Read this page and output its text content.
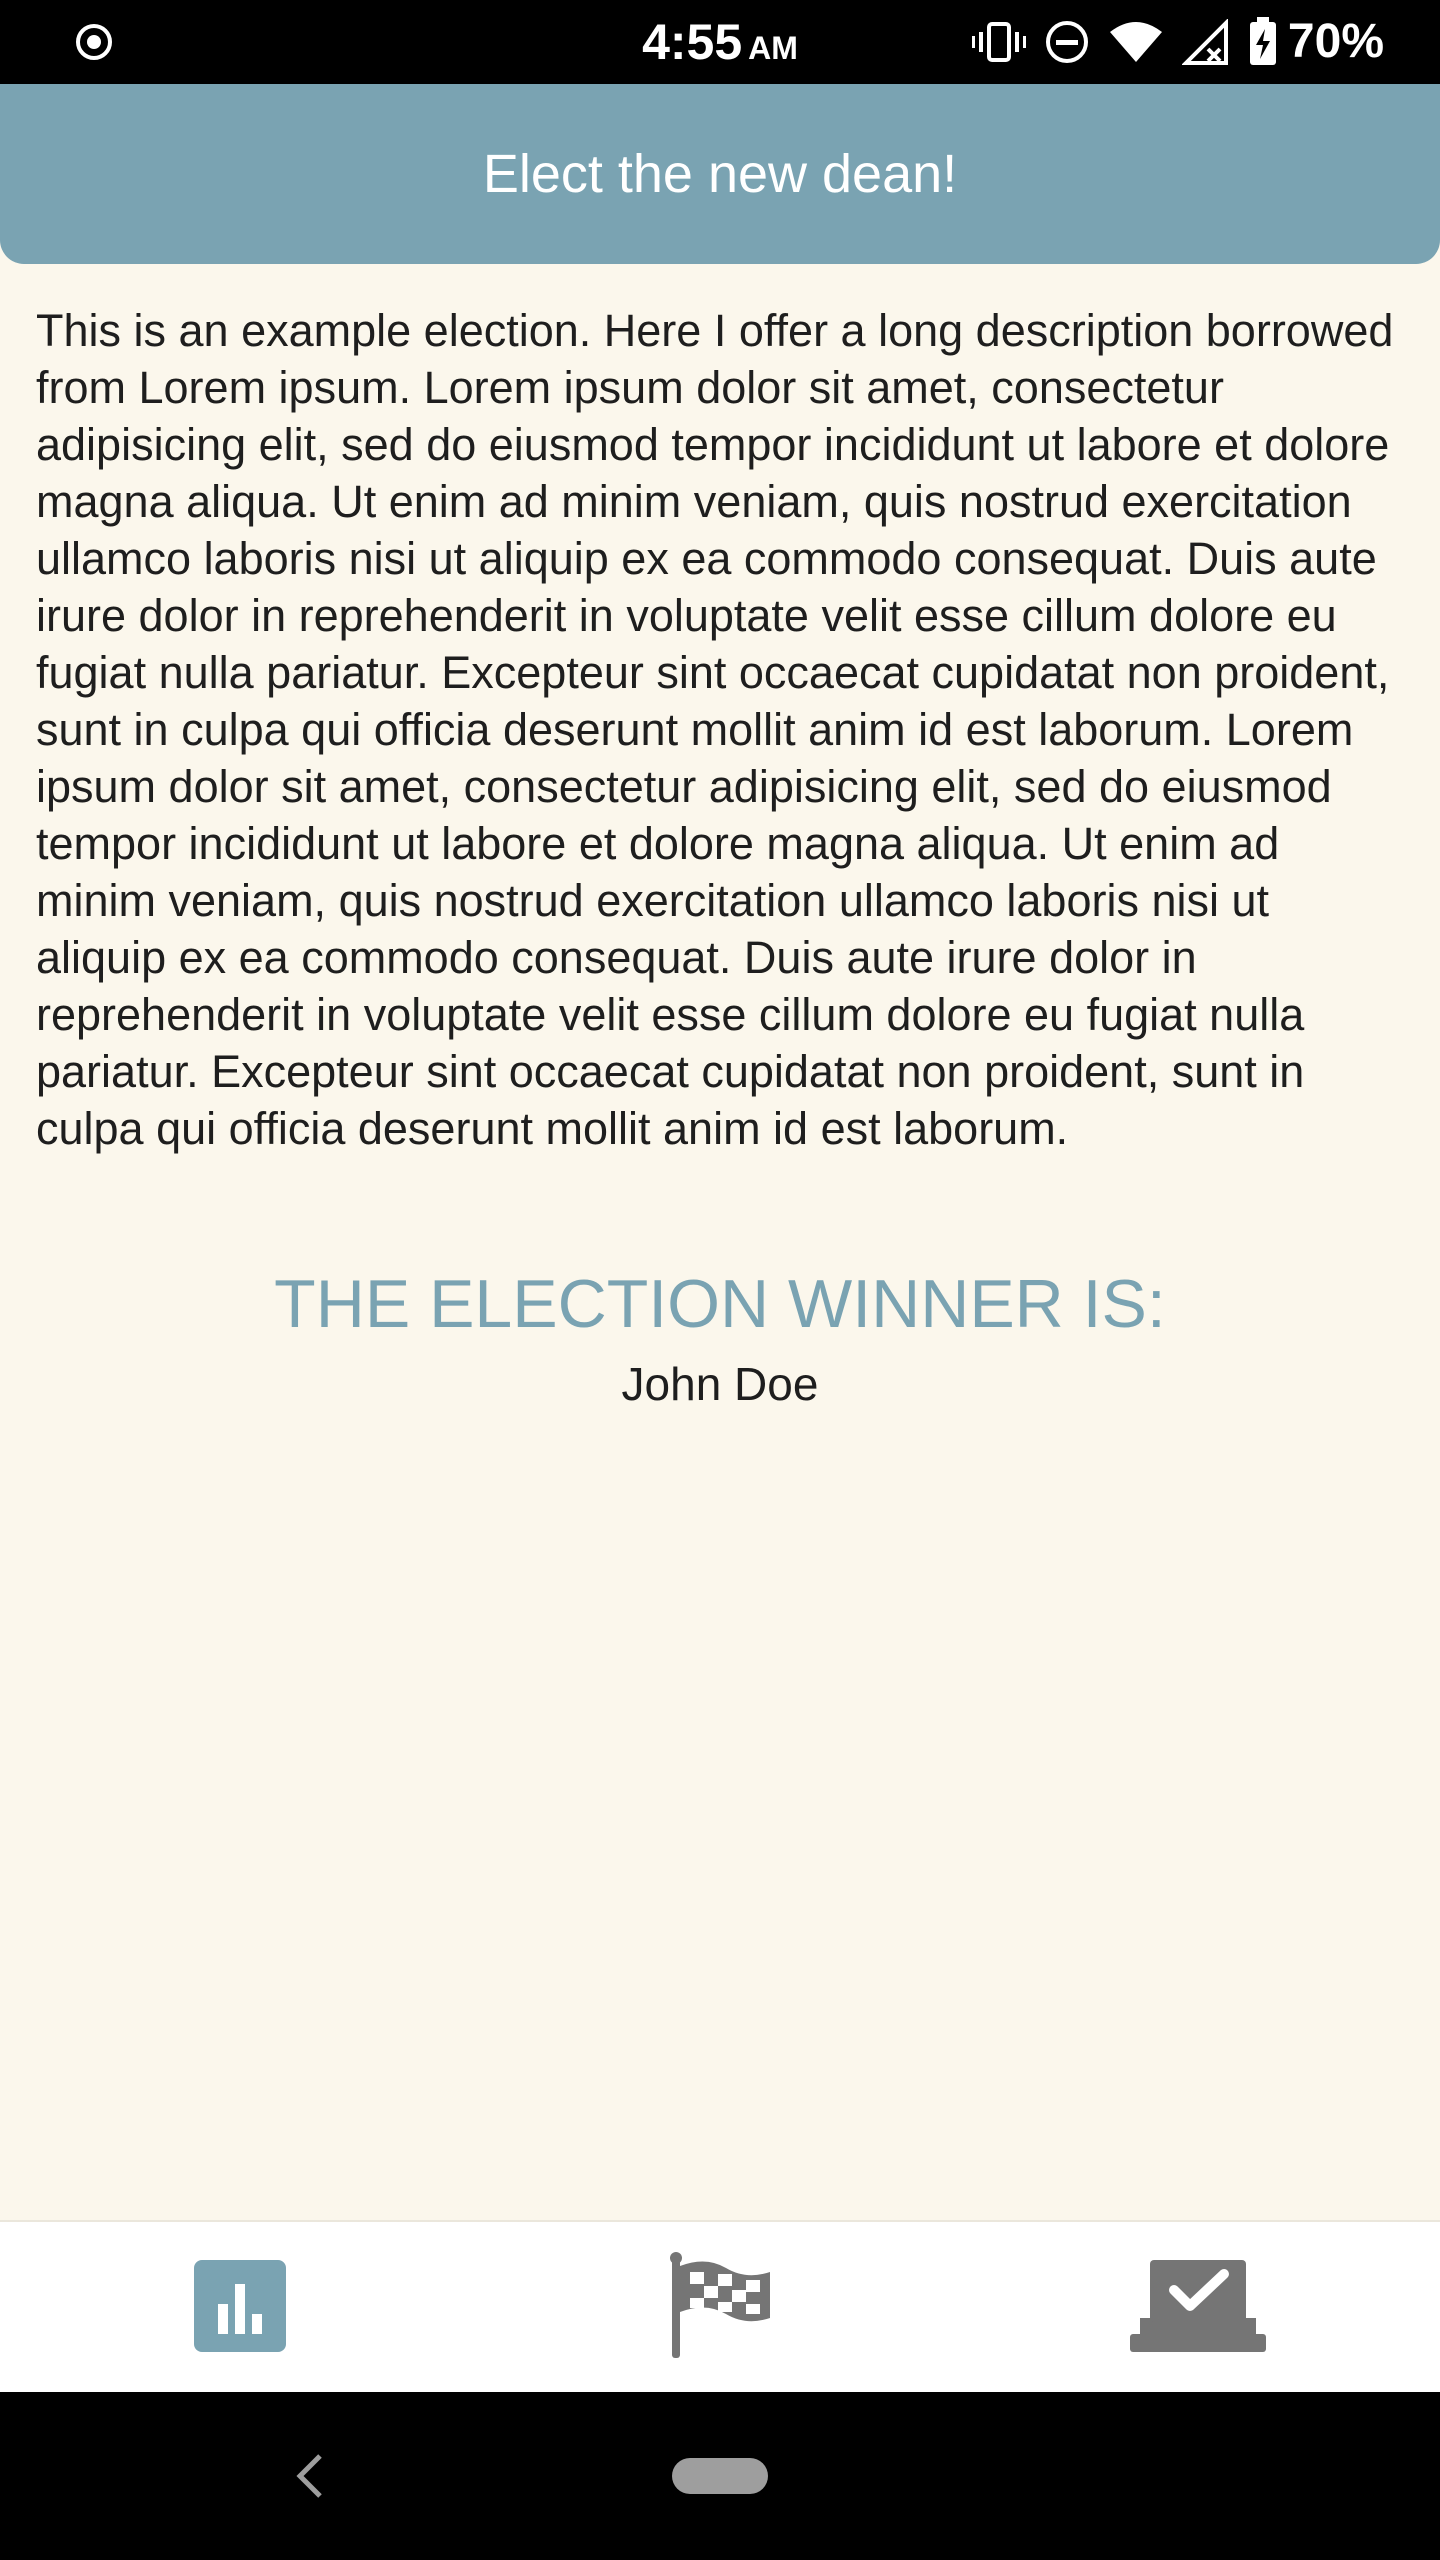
4:55 AM	70%
Elect the new dean!

This is an example election. Here I offer a long description borrowed from Lorem ipsum. Lorem ipsum dolor sit amet, consectetur adipisicing elit, sed do eiusmod tempor incididunt ut labore et dolore magna aliqua. Ut enim ad minim veniam, quis nostrud exercitation ullamco laboris nisi ut aliquip ex ea commodo consequat. Duis aute irure dolor in reprehenderit in voluptate velit esse cillum dolore eu fugiat nulla pariatur. Excepteur sint occaecat cupidatat non proident, sunt in culpa qui officia deserunt mollit anim id est laborum. Lorem ipsum dolor sit amet, consectetur adipisicing elit, sed do eiusmod tempor incididunt ut labore et dolore magna aliqua. Ut enim ad minim veniam, quis nostrud exercitation ullamco laboris nisi ut aliquip ex ea commodo consequat. Duis aute irure dolor in reprehenderit in voluptate velit esse cillum dolore eu fugiat nulla pariatur. Excepteur sint occaecat cupidatat non proident, sunt in culpa qui officia deserunt mollit anim id est laborum.

THE ELECTION WINNER IS:
John Doe
